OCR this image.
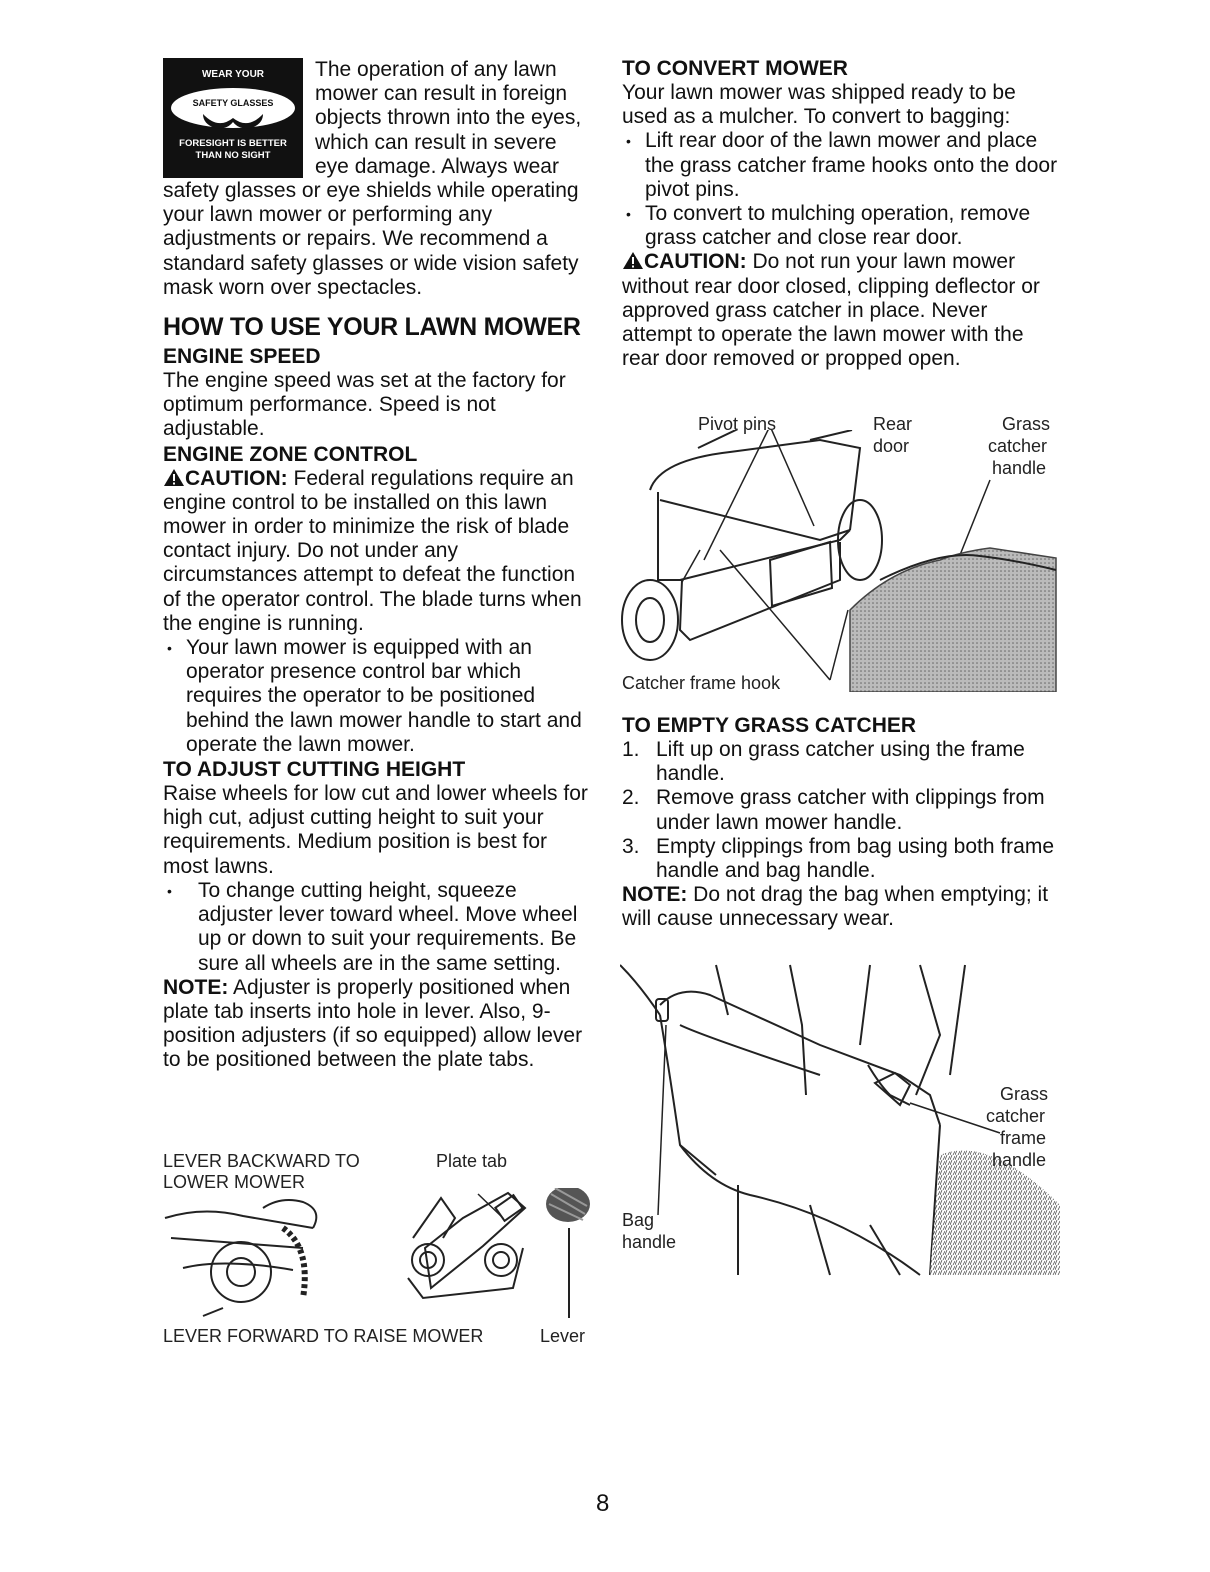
WEAR YOUR
SAFETY GLASSES
FORESIGHT IS BETTER
THAN NO SIGHT

The operation of any lawn mower can result in foreign objects thrown into the eyes, which can result in severe eye damage. Always wear safety glasses or eye shields while operating your lawn mower or performing any adjustments or repairs. We recommend a standard safety glasses or wide vision safety mask worn over spectacles.

HOW TO USE YOUR LAWN MOWER
ENGINE SPEED

The engine speed was set at the factory for optimum performance. Speed is not adjustable.

ENGINE ZONE CONTROL

CAUTION: Federal regulations require an engine control to be installed on this lawn mower in order to minimize the risk of blade contact injury. Do not under any circumstances attempt to defeat the function of the operator control. The blade turns when the engine is running.

• Your lawn mower is equipped with an operator presence control bar which requires the operator to be positioned behind the lawn mower handle to start and operate the lawn mower.
TO ADJUST CUTTING HEIGHT

Raise wheels for low cut and lower wheels for high cut, adjust cutting height to suit your requirements. Medium position is best for most lawns.

• To change cutting height, squeeze adjuster lever toward wheel. Move wheel up or down to suit your requirements. Be sure all wheels are in the same setting.

NOTE: Adjuster is properly positioned when plate tab inserts into hole in lever. Also, 9-position adjusters (if so equipped) allow lever to be positioned between the plate tabs.

LEVER BACKWARD TO LOWER MOWER
Plate tab
LEVER FORWARD TO RAISE MOWER	Lever
TO CONVERT MOWER

Your lawn mower was shipped ready to be used as a mulcher. To convert to bagging:

• Lift rear door of the lawn mower and place the grass catcher frame hooks onto the door pivot pins.
• To convert to mulching operation, remove grass catcher and close rear door.

CAUTION: Do not run your lawn mower without rear door closed, clipping deflector or approved grass catcher in place. Never attempt to operate the lawn mower with the rear door removed or propped open.

Pivot pins	Rear
door
Grass
catcher
handle
Catcher frame hook
TO EMPTY GRASS CATCHER
1. Lift up on grass catcher using the frame handle.
2. Remove grass catcher with clippings from under lawn mower handle.
3. Empty clippings from bag using both frame handle and bag handle.

NOTE: Do not drag the bag when emptying; it will cause unnecessary wear.

Grass
catcher
frame
handle
Bag
handle
8
